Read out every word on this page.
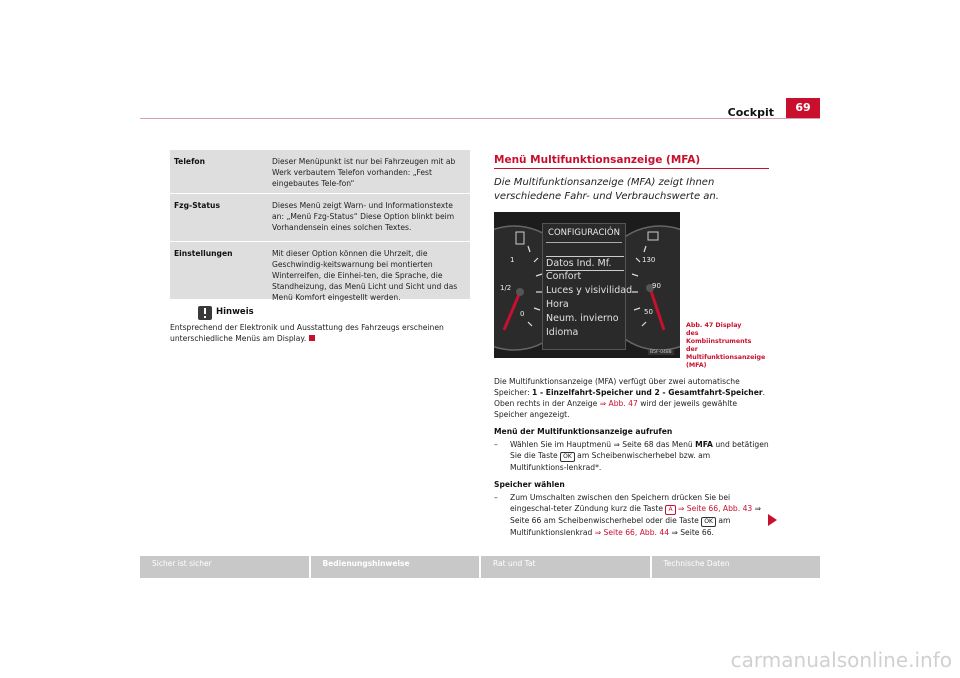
Cockpit	69
Telefon	Dieser Menüpunkt ist nur bei Fahrzeugen mit ab Werk verbautem Telefon vorhanden: „Fest eingebautes Tele-fon“
Fzg-Status	Dieses Menü zeigt Warn- und Informationstexte an: „Menü Fzg-Status“ Diese Option blinkt beim Vorhandensein eines solchen Textes.
Einstellungen	Mit dieser Option können die Uhrzeit, die Geschwindig-keitswarnung bei montierten Winterreifen, die Einhei-ten, die Sprache, die Standheizung, das Menü Licht und Sicht und das Menü Komfort eingestellt werden.
Hinweis
Entsprechend der Elektronik und Ausstattung des Fahrzeugs erscheinen unterschiedliche Menüs am Display.
Menü Multifunktionsanzeige (MFA)
Die Multifunktionsanzeige (MFA) zeigt Ihnen verschiedene Fahr- und Verbrauchswerte an.
1
1/2
0
130
90
50
CONFIGURACIÓN
Datos Ind. Mf.
Confort
Luces y visivilidad
Hora
Neum. invierno
Idioma
B5F-0488
Abb. 47 Display des Kombiinstruments der Multifunktionsanzeige (MFA)

Die Multifunktionsanzeige (MFA) verfügt über zwei automatische Speicher: 1 - Einzelfahrt-Speicher und 2 - Gesamtfahrt-Speicher. Oben rechts in der Anzeige ⇒ Abb. 47 wird der jeweils gewählte Speicher angezeigt.

Menü der Multifunktionsanzeige aufrufen
–	Wählen Sie im Hauptmenü ⇒ Seite 68 das Menü MFA und betätigen Sie die Taste OK am Scheibenwischerhebel bzw. am Multifunktions-lenkrad*.
Speicher wählen
–	Zum Umschalten zwischen den Speichern drücken Sie bei eingeschal-teter Zündung kurz die Taste A ⇒ Seite 66, Abb. 43 ⇒ Seite 66 am Scheibenwischerhebel oder die Taste OK am Multifunktionslenkrad ⇒ Seite 66, Abb. 44 ⇒ Seite 66.
Sicher ist sicher	Bedienungshinweise	Rat und Tat	Technische Daten
carmanualsonline.info
